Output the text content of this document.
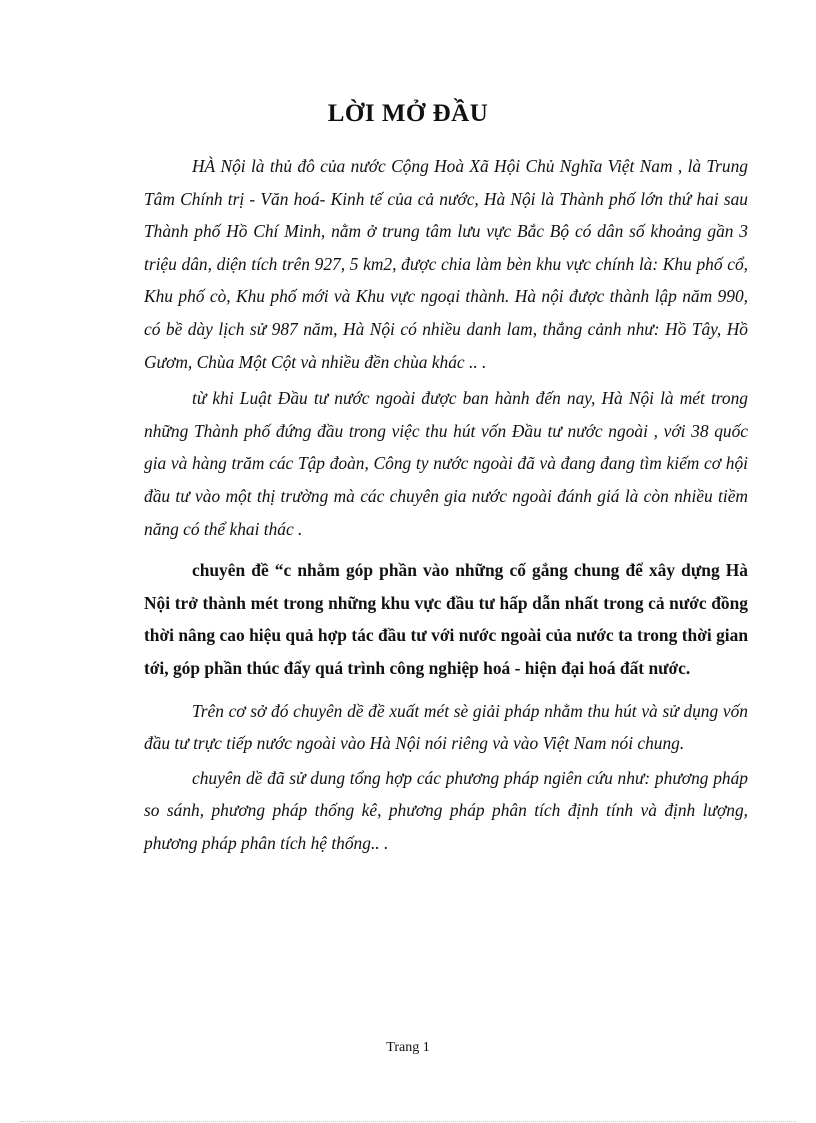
LỜI MỞ ĐẦU

HÀ Nội là thủ đô của nước Cộng Hoà Xã Hội Chủ Nghĩa Việt Nam , là Trung Tâm Chính trị - Văn hoá- Kinh tế của cả nước, Hà Nội là Thành phố lớn thứ hai sau Thành phố Hồ Chí Minh, nằm ở trung tâm lưu vực Bắc Bộ có dân số khoảng gần 3 triệu dân, diện tích trên 927, 5 km2, được chia làm bèn khu vực chính là: Khu phố cổ, Khu phố cò, Khu phố mới và Khu vực ngoại thành. Hà nội được thành lập năm 990, có bề dày lịch sử 987 năm, Hà Nội có nhiều danh lam, thắng cảnh như: Hồ Tây, Hồ Gươm, Chùa Một Cột và nhiều đền chùa khác .. .

từ khi Luật Đầu tư nước ngoài được ban hành đến nay, Hà Nội là mét trong những Thành phố đứng đầu trong việc thu hút vốn Đầu tư nước ngoài , với 38 quốc gia và hàng trăm các Tập đoàn, Công ty nước ngoài đã và đang đang tìm kiếm cơ hội đầu tư vào một thị trường mà các chuyên gia nước ngoài đánh giá là còn nhiều tiềm năng có thể khai thác .

chuyên đề “c nhằm góp phần vào những cố gắng chung để xây dựng Hà Nội trở thành mét trong những khu vực đầu tư hấp dẫn nhất trong cả nước đồng thời nâng cao hiệu quả hợp tác đầu tư với nước ngoài của nước ta trong thời gian tới, góp phần thúc đẩy quá trình công nghiệp hoá - hiện đại hoá đất nước.

Trên cơ sở đó chuyên dề đề xuất mét sè giải pháp nhằm thu hút và sử dụng vốn đầu tư trực tiếp nước ngoài vào Hà Nội nói riêng và vào Việt Nam nói chung.

chuyên dề đã sử dung tổng hợp các phương pháp ngiên cứu như: phương pháp so sánh, phương pháp thống kê, phương pháp phân tích định tính và định lượng, phương pháp phân tích hệ thống.. .

Trang 1
